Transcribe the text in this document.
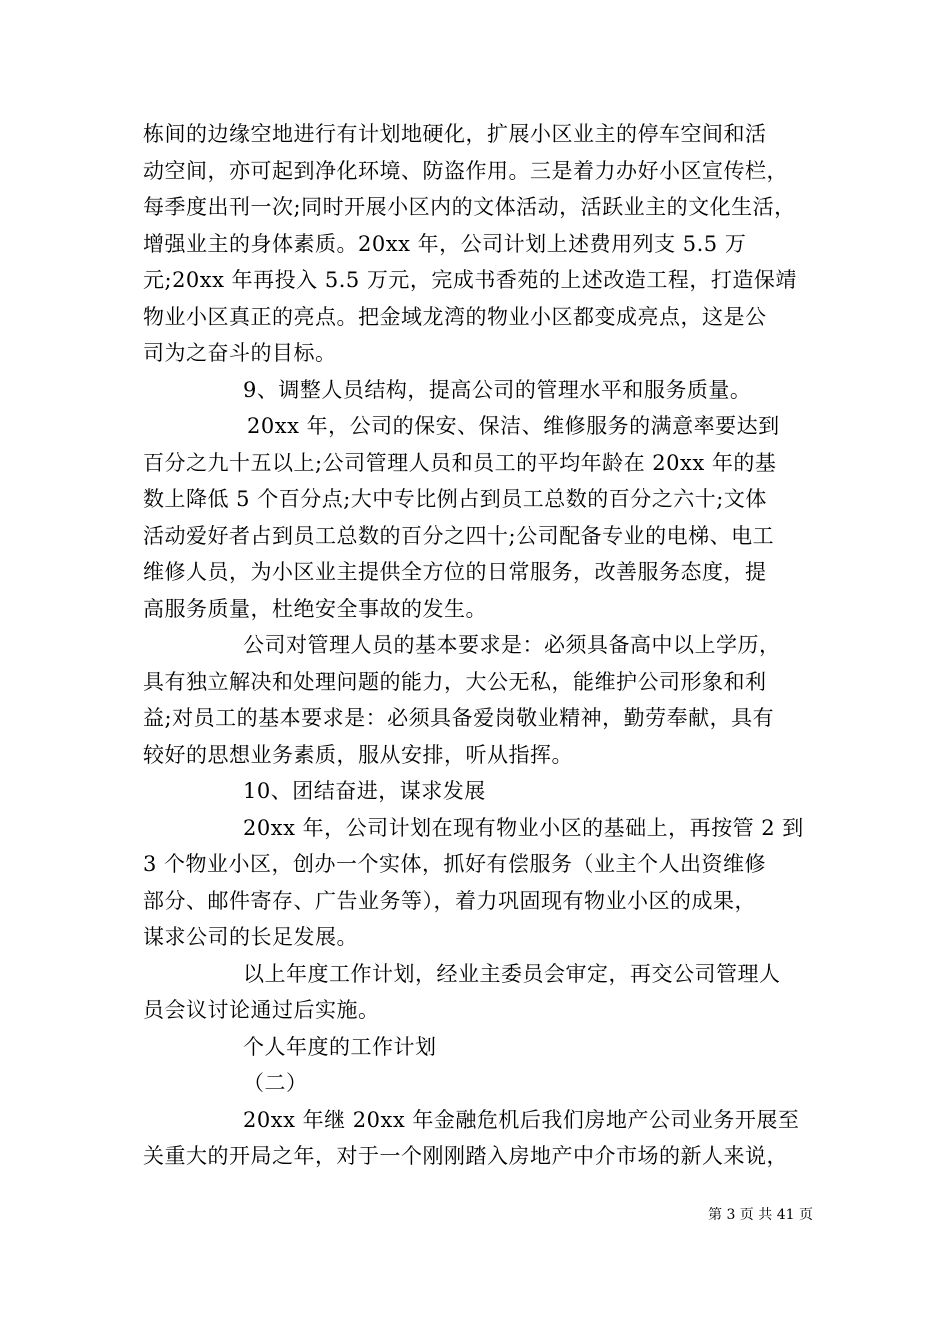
栋间的边缘空地进行有计划地硬化，扩展小区业主的停车空间和活
动空间，亦可起到净化环境、防盗作用。三是着力办好小区宣传栏，
每季度出刊一次;同时开展小区内的文体活动，活跃业主的文化生活，
增强业主的身体素质。20xx 年，公司计划上述费用列支 5.5 万
元;20xx 年再投入 5.5 万元，完成书香苑的上述改造工程，打造保靖
物业小区真正的亮点。把金域龙湾的物业小区都变成亮点，这是公
司为之奋斗的目标。
9、调整人员结构，提高公司的管理水平和服务质量。
20xx 年，公司的保安、保洁、维修服务的满意率要达到
百分之九十五以上;公司管理人员和员工的平均年龄在 20xx 年的基
数上降低 5 个百分点;大中专比例占到员工总数的百分之六十;文体
活动爱好者占到员工总数的百分之四十;公司配备专业的电梯、电工
维修人员，为小区业主提供全方位的日常服务，改善服务态度，提
高服务质量，杜绝安全事故的发生。
公司对管理人员的基本要求是：必须具备高中以上学历，
具有独立解决和处理问题的能力，大公无私，能维护公司形象和利
益;对员工的基本要求是：必须具备爱岗敬业精神，勤劳奉献，具有
较好的思想业务素质，服从安排，听从指挥。
10、团结奋进，谋求发展
20xx 年，公司计划在现有物业小区的基础上，再按管 2 到
3 个物业小区，创办一个实体，抓好有偿服务（业主个人出资维修
部分、邮件寄存、广告业务等），着力巩固现有物业小区的成果，
谋求公司的长足发展。
以上年度工作计划，经业主委员会审定，再交公司管理人
员会议讨论通过后实施。
个人年度的工作计划
（二）
20xx 年继 20xx 年金融危机后我们房地产公司业务开展至
关重大的开局之年，对于一个刚刚踏入房地产中介市场的新人来说，
第 3 页 共 41 页
